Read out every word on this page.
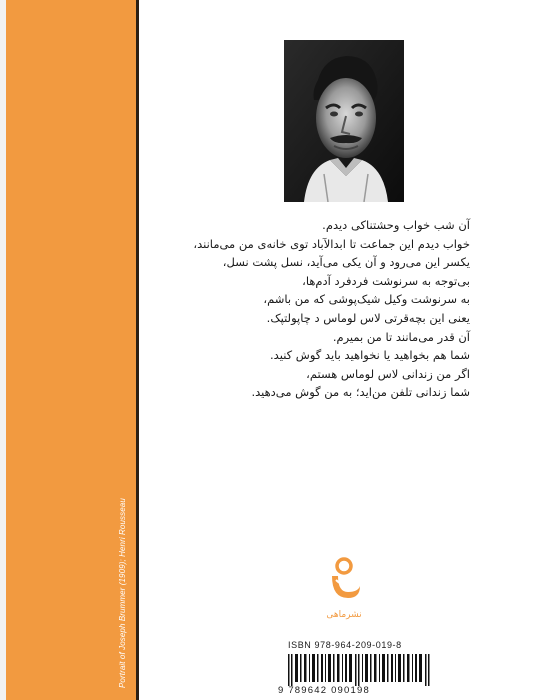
Portrait of Joseph Brummer (1909); Henri Rousseau
آن شب خواب وحشتناکی دیدم.
خواب دیدم این جماعت تا ابدالآباد توی خانه‌ی من می‌مانند،
یکسر این می‌رود و آن یکی می‌آید، نسل پشت نسل،
بی‌توجه به سرنوشت فردفرد آدم‌ها،
به سرنوشت وکیل شیک‌پوشی که من باشم،
یعنی این بچه‌قرتی لاس لوماس د چاپولتپک.
آن قدر می‌مانند تا من بمیرم.
شما هم بخواهید یا نخواهید باید گوش کنید.
اگر من زندانی لاس لوماس هستم،
شما زندانی تلفن من‌اید؛ به من گوش می‌دهید.
نشرماهی
ISBN 978-964-209-019-8
9 789642 090198
